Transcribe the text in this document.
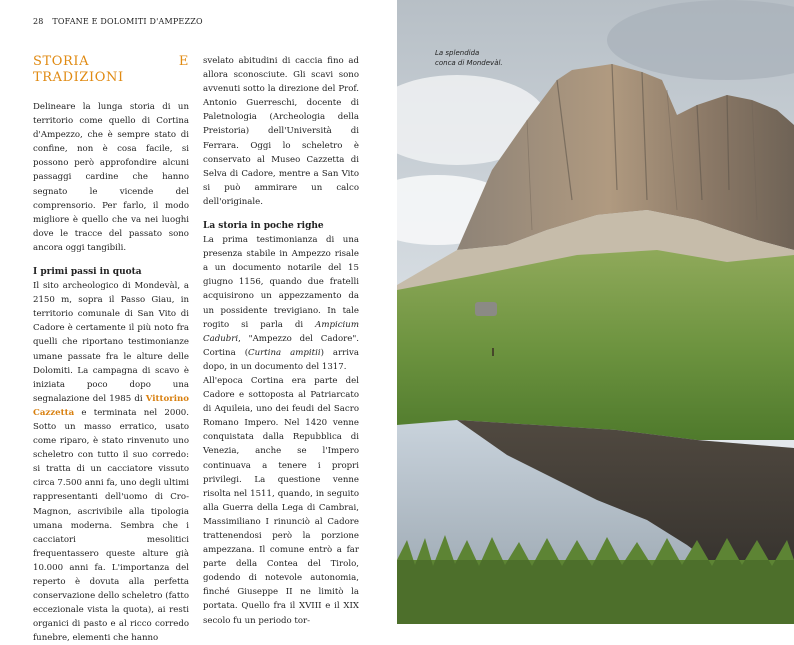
28 TOFANE E DOLOMITI D'AMPEZZO
STORIA E TRADIZIONI

Delineare la lunga storia di un territorio come quello di Cortina d'Ampezzo, che è sempre stato di confine, non è cosa facile, si possono però approfondire alcuni passaggi cardine che hanno segnato le vicende del comprensorio. Per farlo, il modo migliore è quello che va nei luoghi dove le tracce del passato sono ancora oggi tangibili.

I primi passi in quota

Il sito archeologico di Mondevàl, a 2150 m, sopra il Passo Giau, in territorio comunale di San Vito di Cadore è certamente il più noto fra quelli che riportano testimonianze umane passate fra le alture delle Dolomiti. La campagna di scavo è iniziata poco dopo una segnalazione del 1985 di Vittorino Cazzetta e terminata nel 2000. Sotto un masso erratico, usato come riparo, è stato rinvenuto uno scheletro con tutto il suo corredo: si tratta di un cacciatore vissuto circa 7.500 anni fa, uno degli ultimi rappresentanti dell'uomo di Cro-Magnon, ascrivibile alla tipologia umana moderna. Sembra che i cacciatori mesolitici frequentassero queste alture già 10.000 anni fa. L'importanza del reperto è dovuta alla perfetta conservazione dello scheletro (fatto eccezionale vista la quota), ai resti organici di pasto e al ricco corredo funebre, elementi che hanno

svelato abitudini di caccia fino ad allora sconosciute. Gli scavi sono avvenuti sotto la direzione del Prof. Antonio Guerreschi, docente di Paletnologia (Archeologia della Preistoria) dell'Università di Ferrara. Oggi lo scheletro è conservato al Museo Cazzetta di Selva di Cadore, mentre a San Vito si può ammirare un calco dell'originale.

La storia in poche righe

La prima testimonianza di una presenza stabile in Ampezzo risale a un documento notarile del 15 giugno 1156, quando due fratelli acquisirono un appezzamento da un possidente trevigiano. In tale rogito si parla di Ampicium Cadubri, "Ampezzo del Cadore". Cortina (Curtina ampitii) arriva dopo, in un documento del 1317.

All'epoca Cortina era parte del Cadore e sottoposta al Patriarcato di Aquileia, uno dei feudi del Sacro Romano Impero. Nel 1420 venne conquistata dalla Repubblica di Venezia, anche se l'Impero continuava a tenere i propri privilegi. La questione venne risolta nel 1511, quando, in seguito alla Guerra della Lega di Cambrai, Massimiliano I rinunciò al Cadore trattenendosi però la porzione ampezzana. Il comune entrò a far parte della Contea del Tirolo, godendo di notevole autonomia, finché Giuseppe II ne limitò la portata. Quello fra il XVIII e il XIX secolo fu un periodo tor-

La splendida
conca di Mondevàl.
